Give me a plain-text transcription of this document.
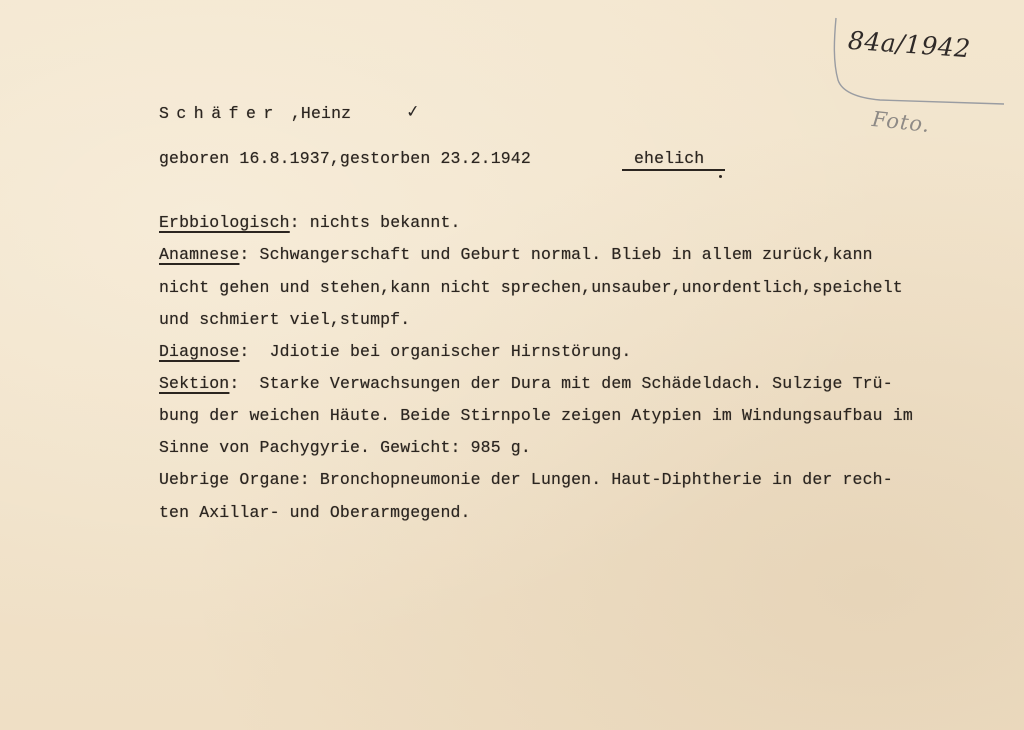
84a/1942
Foto.
Schäfer ,Heinz	✓
geboren 16.8.1937,gestorben 23.2.1942	ehelich
Erbbiologisch: nichts bekannt.
Anamnese: Schwangerschaft und Geburt normal. Blieb in allem zurück,kann
nicht gehen und stehen,kann nicht sprechen,unsauber,unordentlich,speichelt
und schmiert viel,stumpf.
Diagnose:  Jdiotie bei organischer Hirnstörung.
Sektion:  Starke Verwachsungen der Dura mit dem Schädeldach. Sulzige Trü-
bung der weichen Häute. Beide Stirnpole zeigen Atypien im Windungsaufbau im
Sinne von Pachygyrie. Gewicht: 985 g.
Uebrige Organe: Bronchopneumonie der Lungen. Haut-Diphtherie in der rech-
ten Axillar- und Oberarmgegend.
